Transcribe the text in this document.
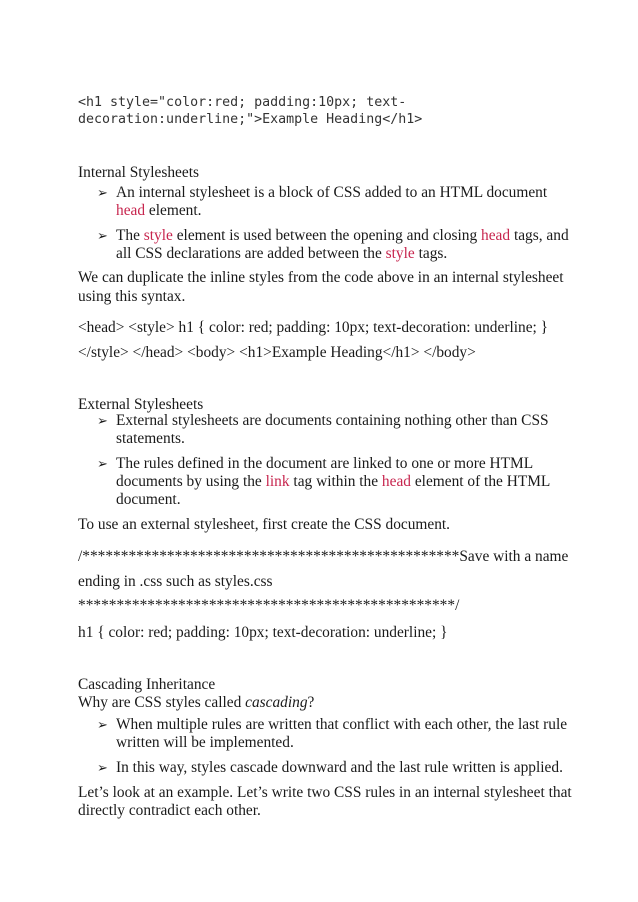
<h1 style="color:red; padding:10px; text-
decoration:underline;">Example Heading</h1>
Internal Stylesheets
➢ An internal stylesheet is a block of CSS added to an HTML document
head element.
➢ The style element is used between the opening and closing head tags, and
all CSS declarations are added between the style tags.
We can duplicate the inline styles from the code above in an internal stylesheet
using this syntax.
<head> <style> h1 { color: red; padding: 10px; text-decoration: underline; }
</style> </head> <body> <h1>Example Heading</h1> </body>
External Stylesheets
➢ External stylesheets are documents containing nothing other than CSS
statements.
➢ The rules defined in the document are linked to one or more HTML
documents by using the link tag within the head element of the HTML
document.
To use an external stylesheet, first create the CSS document.
/************************************************* Save with a name
ending in .css such as styles.css
*************************************************/
h1 { color: red; padding: 10px; text-decoration: underline; }
Cascading Inheritance
Why are CSS styles called cascading?
➢ When multiple rules are written that conflict with each other, the last rule
written will be implemented.
➢ In this way, styles cascade downward and the last rule written is applied.
Let’s look at an example. Let’s write two CSS rules in an internal stylesheet that
directly contradict each other.
